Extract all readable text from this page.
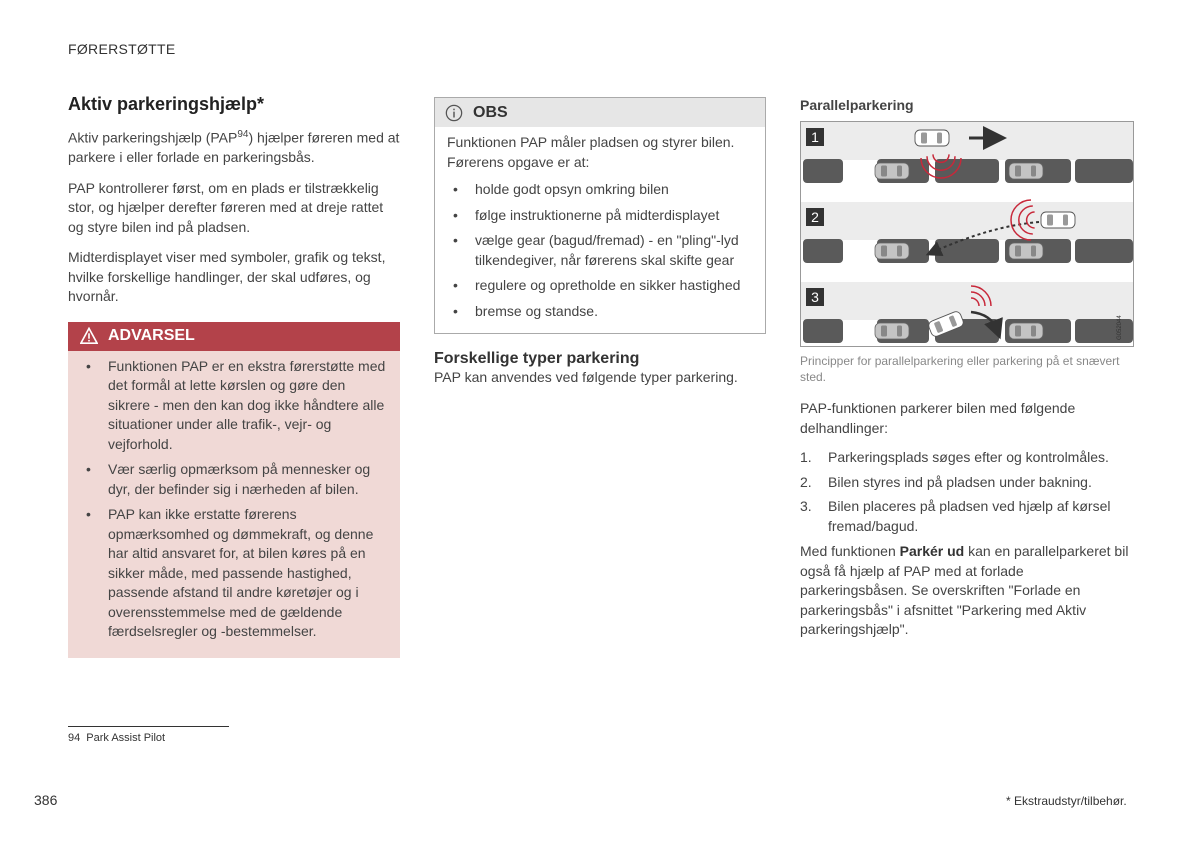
FØRERSTØTTE
Aktiv parkeringshjælp*

Aktiv parkeringshjælp (PAP$^{94}$) hjælper føreren med at parkere i eller forlade en parkeringsbås.

PAP kontrollerer først, om en plads er tilstrækkelig stor, og hjælper derefter føreren med at dreje rattet og styre bilen ind på pladsen.

Midterdisplayet viser med symboler, grafik og tekst, hvilke forskellige handlinger, der skal udføres, og hvornår.

ADVARSEL
• Funktionen PAP er en ekstra førerstøtte med det formål at lette kørslen og gøre den sikrere - men den kan dog ikke håndtere alle situationer under alle trafik-, vejr- og vejforhold.
• Vær særlig opmærksom på mennesker og dyr, der befinder sig i nærheden af bilen.
• PAP kan ikke erstatte førerens opmærksomhed og dømmekraft, og denne har altid ansvaret for, at bilen køres på en sikker måde, med passende hastighed, passende afstand til andre køretøjer og i overensstemmelse med de gældende færdselsregler og -bestemmelser.
OBS

Funktionen PAP måler pladsen og styrer bilen. Førerens opgave er at:

• holde godt opsyn omkring bilen
• følge instruktionerne på midterdisplayet
• vælge gear (bagud/fremad) - en "pling"-lyd tilkendegiver, når førerens skal skifte gear
• regulere og opretholde en sikker hastighed
• bremse og standse.
Forskellige typer parkering

PAP kan anvendes ved følgende typer parkering.

Parallelparkering
1
2
3
G052044
Principper for parallelparkering eller parkering på et snævert sted.

PAP-funktionen parkerer bilen med følgende delhandlinger:

1. Parkeringsplads søges efter og kontrolmåles.
2. Bilen styres ind på pladsen under bakning.
3. Bilen placeres på pladsen ved hjælp af kørsel fremad/bagud.

Med funktionen Parkér ud kan en parallelparkeret bil også få hjælp af PAP med at forlade parkeringsbåsen. Se overskriften "Forlade en parkeringsbås" i afsnittet "Parkering med Aktiv parkeringshjælp".

94 Park Assist Pilot
386	* Ekstraudstyr/tilbehør.
